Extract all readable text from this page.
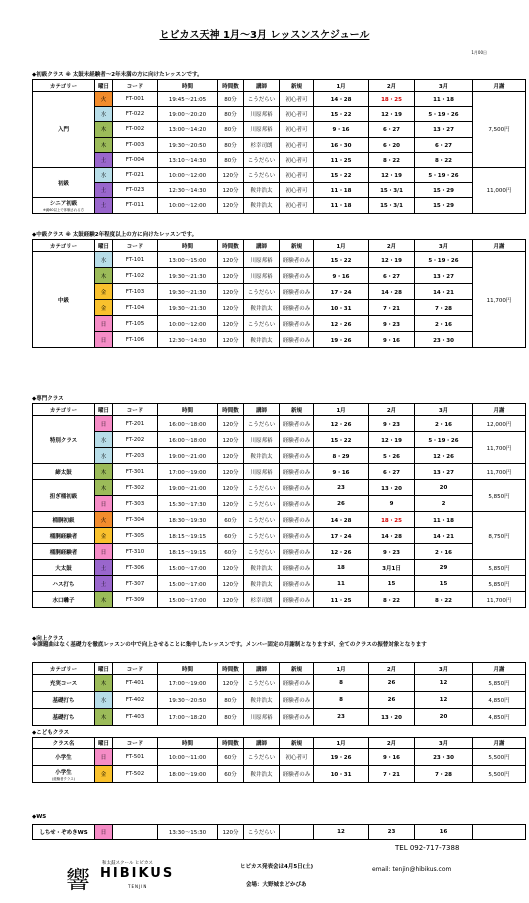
ヒビカス天神 1月～3月 レッスンスケジュール
1月00日
◆初級クラス ※ 太鼓未経験者～2年未満の方に向けたレッスンです。
カテゴリー	曜日	コード	時間	時間数	講師	新規	1月	2月	3月	月謝

入門	火	FT-001	19:45～21:05	80分	こうだらい	初心者可	14・28	18・25	11・18	7,500円
	水	FT-022	19:00～20:20	80分	川原邦裕	初心者可	15・22	12・19	5・19・26	
	木	FT-002	13:00～14:20	80分	川原邦裕	初心者可	9・16	6・27	13・27	
	木	FT-003	19:30～20:50	80分	杉幸司朗	初心者可	16・30	6・20	6・27	
	土	FT-004	13:10～14:30	80分	こうだらい	初心者可	11・25	8・22	8・22	

初級	水	FT-021	10:00～12:00	120分	こうだらい	初心者可	15・22	12・19	5・19・26	11,000円
	土	FT-023	12:30～14:30	120分	鞍井浩太	初心者可	11・18	15・3/1	15・29	

シニア初級
※満60以上で体験される方	土	FT-011	10:00～12:00	120分	鞍井浩太	初心者可	11・18	15・3/1	15・29	
◆中級クラス ※ 太鼓経験2年程度以上の方に向けたレッスンです。
カテゴリー	曜日	コード	時間	時間数	講師	新規	1月	2月	3月	月謝

中級	水	FT-101	13:00～15:00	120分	川原邦裕	経験者のみ	15・22	12・19	5・19・26	11,700円
	木	FT-102	19:30～21:30	120分	川原邦裕	経験者のみ	9・16	6・27	13・27	
	金	FT-103	19:30～21:30	120分	こうだらい	経験者のみ	17・24	14・28	14・21	
	金	FT-104	19:30～21:30	120分	鞍井浩太	経験者のみ	10・31	7・21	7・28	
	日	FT-105	10:00～12:00	120分	こうだらい	経験者のみ	12・26	9・23	2・16	
	日	FT-106	12:30～14:30	120分	鞍井浩太	経験者のみ	19・26	9・16	23・30	
◆専門クラス
カテゴリー	曜日	コード	時間	時間数	講師	新規	1月	2月	3月	月謝

特別クラス	日	FT-201	16:00～18:00	120分	こうだらい	経験者のみ	12・26	9・23	2・16	12,000円
	水	FT-202	16:00～18:00	120分	川原邦裕	経験者のみ	15・22	12・19	5・19・26	11,700円
	水	FT-203	19:00～21:00	120分	鞍井浩太	経験者のみ	8・29	5・26	12・26	

締太鼓	木	FT-301	17:00～19:00	120分	川原邦裕	経験者のみ	9・16	6・27	13・27	11,700円

担ぎ桶初級	木	FT-302	19:00～21:00	120分	こうだらい	経験者のみ	23	13・20	20	5,850円
	日	FT-303	15:30～17:30	120分	こうだらい	経験者のみ	26	9	2	

桶胴初級	火	FT-304	18:30～19:30	60分	こうだらい	経験者のみ	14・28	18・25	11・18	8,750円

桶胴経験者	金	FT-305	18:15～19:15	60分	こうだらい	経験者のみ	17・24	14・28	14・21	

桶胴経験者	日	FT-310	18:15～19:15	60分	こうだらい	経験者のみ	12・26	9・23	2・16	

大太鼓	土	FT-306	15:00～17:00	120分	鞍井浩太	経験者のみ	18	3月1日	29	5,850円

ハス打ち	土	FT-307	15:00～17:00	120分	鞍井浩太	経験者のみ	11	15	15	5,850円

水口囃子	木	FT-309	15:00～17:00	120分	杉幸司朗	経験者のみ	11・25	8・22	8・22	11,700円
◆向上クラス
※課題曲はなく基礎力を徹底レッスンの中で向上させることに集中したレッスンです。メンバー固定の月謝制となりますが、全てのクラスの振替対象となります
カテゴリー	曜日	コード	時間	時間数	講師	新規	1月	2月	3月	月謝

充実コース	木	FT-401	17:00～19:00	120分	こうだらい	経験者のみ	8	26	12	5,850円

基礎打ち	水	FT-402	19:30～20:50	80分	鞍井浩太	経験者のみ	8	26	12	4,850円

基礎打ち	木	FT-403	17:00～18:20	80分	川原邦裕	経験者のみ	23	13・20	20	4,850円
◆こどもクラス
クラス名	曜日	コード	時間	時間数	講師	新規	1月	2月	3月	月謝

小学生	日	FT-501	10:00～11:00	60分	こうだらい	初心者可	19・26	9・16	23・30	5,500円

小学生
(経験者クラス)	金	FT-502	18:00～19:00	60分	鞍井浩太	経験者のみ	10・31	7・21	7・28	5,500円
◆WS
しちせ・ぞめきWS	日		13:30～15:30	120分	こうだらい		12	23	16	
TEL 092-717-7388
email: tenjin@hibikus.com
ヒビカス発表会は4月5日(土)
会場：大野城まどかぴあ
響
和太鼓スクール ヒビカス
HIBIKUS
TENJIN
